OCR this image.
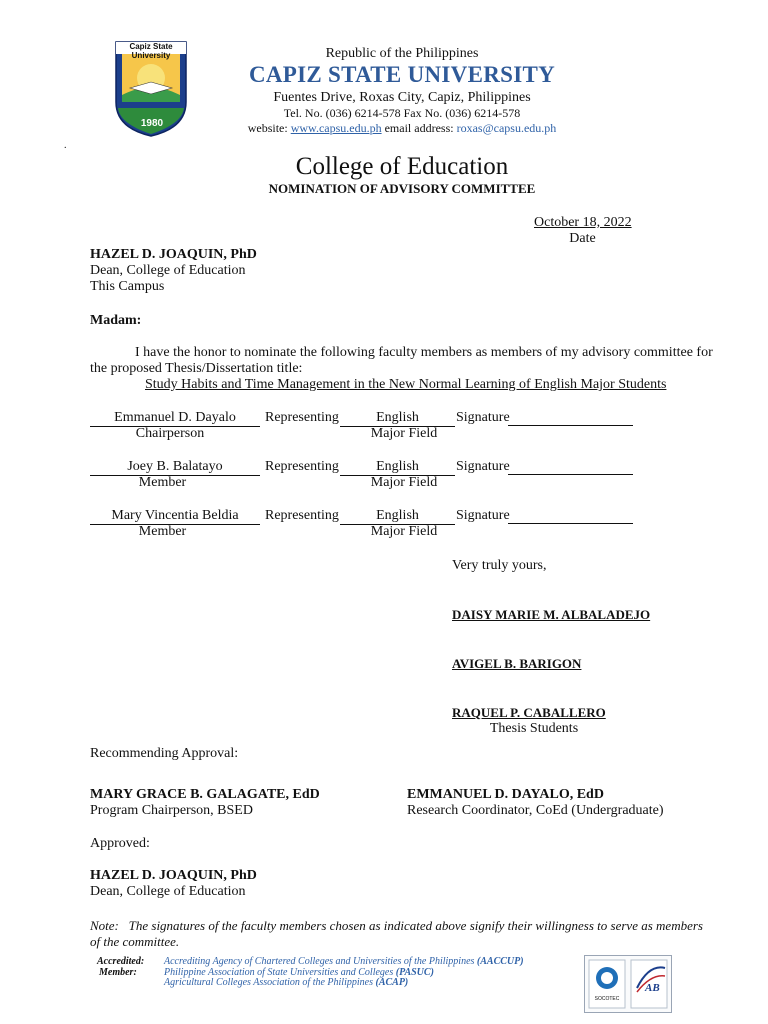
Capiz State University
1980
Republic of the Philippines
CAPIZ STATE UNIVERSITY
Fuentes Drive, Roxas City, Capiz, Philippines
Tel. No. (036) 6214-578 Fax No. (036) 6214-578
website: www.capsu.edu.ph email address: roxas@capsu.edu.ph
.
College of Education
NOMINATION OF ADVISORY COMMITTEE
October 18, 2022
Date
HAZEL D. JOAQUIN, PhD
Dean, College of Education
This Campus
Madam:
I have the honor to nominate the following faculty members as members of my advisory committee for
the proposed Thesis/Dissertation title:
Study Habits and Time Management in the New Normal Learning of English Major Students
Emmanuel D. Dayalo	Representing	English	Signature
Chairperson	Major Field
Joey B. Balatayo	Representing	English	Signature
Member	Major Field
Mary Vincentia Beldia	Representing	English	Signature
Member	Major Field
Very truly yours,
DAISY MARIE M. ALBALADEJO
AVIGEL B. BARIGON
RAQUEL P. CABALLERO
Thesis Students
Recommending Approval:
MARY GRACE B. GALAGATE, EdD
Program Chairperson, BSED
EMMANUEL D. DAYALO, EdD
Research Coordinator, CoEd (Undergraduate)
Approved:
HAZEL D. JOAQUIN, PhD
Dean, College of Education
Note: The signatures of the faculty members chosen as indicated above signify their willingness to serve as members of the committee.
Accredited:
Member:
Accrediting Agency of Chartered Colleges and Universities of the Philippines (AACCUP)
Philippine Association of State Universities and Colleges (PASUC)
Agricultural Colleges Association of the Philippines (ACAP)
SOCOTEC
AB
